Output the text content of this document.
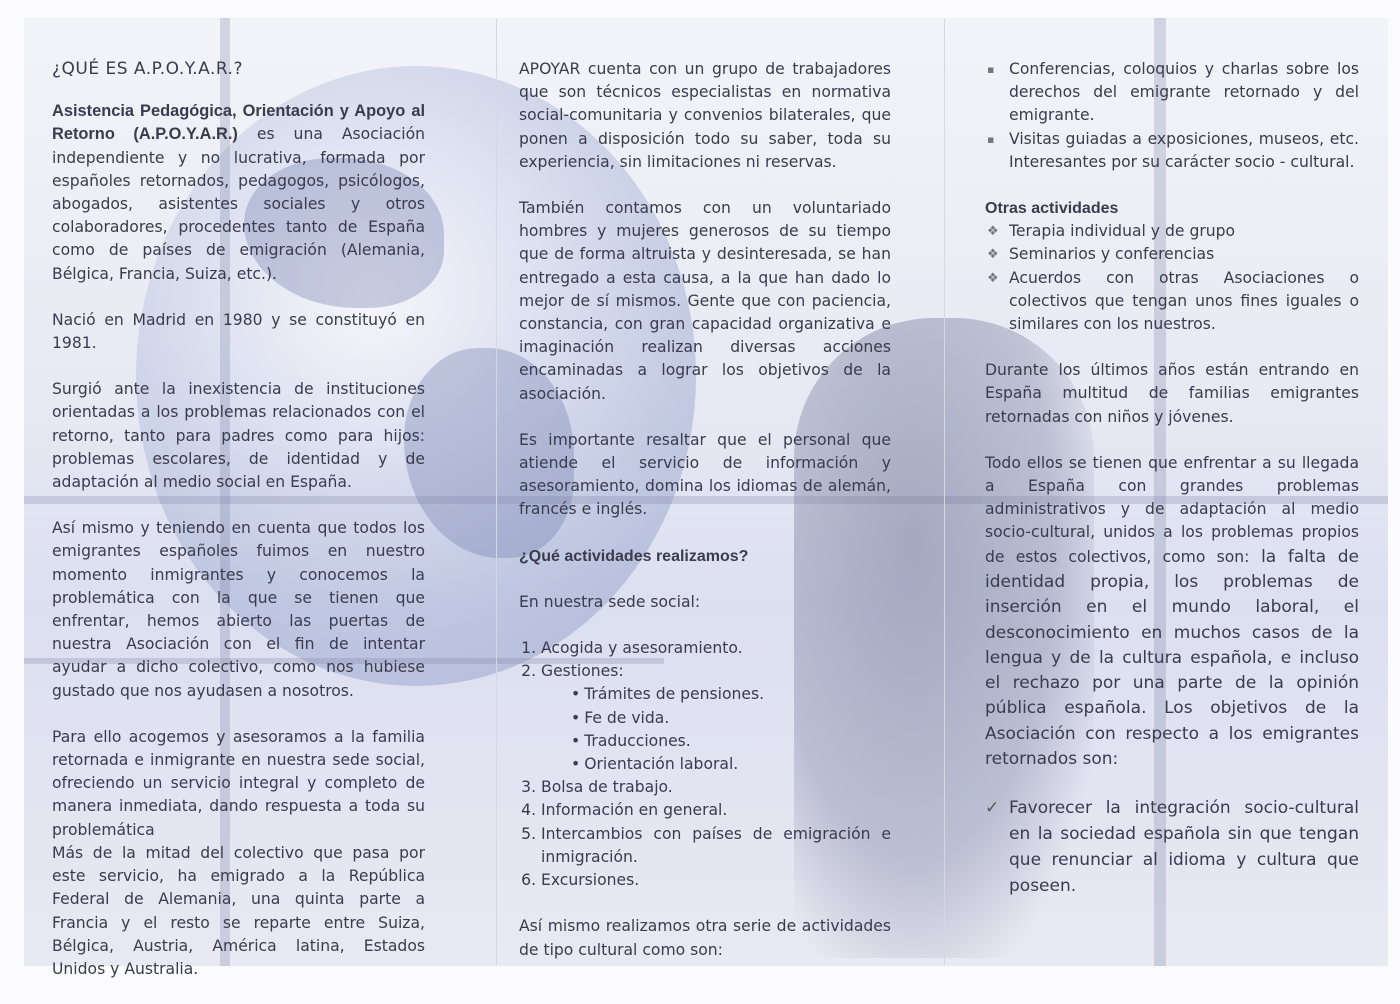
¿QUÉ ES A.P.O.Y.A.R.?

Asistencia Pedagógica, Orientación y Apoyo al Retorno (A.P.O.Y.A.R.) es una Asociación independiente y no lucrativa, formada por españoles retornados, pedagogos, psicólogos, abogados, asistentes sociales y otros colaboradores, procedentes tanto de España como de países de emigración (Alemania, Bélgica, Francia, Suiza, etc.).

Nació en Madrid en 1980 y se constituyó en 1981.

Surgió ante la inexistencia de instituciones orientadas a los problemas relacionados con el retorno, tanto para padres como para hijos: problemas escolares, de identidad y de adaptación al medio social en España.

Así mismo y teniendo en cuenta que todos los emigrantes españoles fuimos en nuestro momento inmigrantes y conocemos la problemática con la que se tienen que enfrentar, hemos abierto las puertas de nuestra Asociación con el fin de intentar ayudar a dicho colectivo, como nos hubiese gustado que nos ayudasen a nosotros.

Para ello acogemos y asesoramos a la familia retornada e inmigrante en nuestra sede social, ofreciendo un servicio integral y completo de manera inmediata, dando respuesta a toda su problemática

Más de la mitad del colectivo que pasa por este servicio, ha emigrado a la República Federal de Alemania, una quinta parte a Francia y el resto se reparte entre Suiza, Bélgica, Austria, América latina, Estados Unidos y Australia.

APOYAR cuenta con un grupo de trabajadores que son técnicos especialistas en normativa social-comunitaria y convenios bilaterales, que ponen a disposición todo su saber, toda su experiencia, sin limitaciones ni reservas.

También contamos con un voluntariado hombres y mujeres generosos de su tiempo que de forma altruista y desinteresada, se han entregado a esta causa, a la que han dado lo mejor de sí mismos. Gente que con paciencia, constancia, con gran capacidad organizativa e imaginación realizan diversas acciones encaminadas a lograr los objetivos de la asociación.

Es importante resaltar que el personal que atiende el servicio de información y asesoramiento, domina los idiomas de alemán, francés e inglés.

¿Qué actividades realizamos?

En nuestra sede social:

1. Acogida y asesoramiento.
2. Gestiones:
• Trámites de pensiones.
• Fe de vida.
• Traducciones.
• Orientación laboral.
3. Bolsa de trabajo.
4. Información en general.
5. Intercambios con países de emigración e inmigración.
6. Excursiones.

Así mismo realizamos otra serie de actividades de tipo cultural como son:

▪ Conferencias, coloquios y charlas sobre los derechos del emigrante retornado y del emigrante.
▪ Visitas guiadas a exposiciones, museos, etc. Interesantes por su carácter socio - cultural.

Otras actividades

❖ Terapia individual y de grupo
❖ Seminarios y conferencias
❖ Acuerdos con otras Asociaciones o colectivos que tengan unos fines iguales o similares con los nuestros.

Durante los últimos años están entrando en España multitud de familias emigrantes retornadas con niños y jóvenes.

Todo ellos se tienen que enfrentar a su llegada a España con grandes problemas administrativos y de adaptación al medio socio-cultural, unidos a los problemas propios de estos colectivos, como son: la falta de identidad propia, los problemas de inserción en el mundo laboral, el desconocimiento en muchos casos de la lengua y de la cultura española, e incluso el rechazo por una parte de la opinión pública española. Los objetivos de la Asociación con respecto a los emigrantes retornados son:

✓ Favorecer la integración socio-cultural en la sociedad española sin que tengan que renunciar al idioma y cultura que poseen.
